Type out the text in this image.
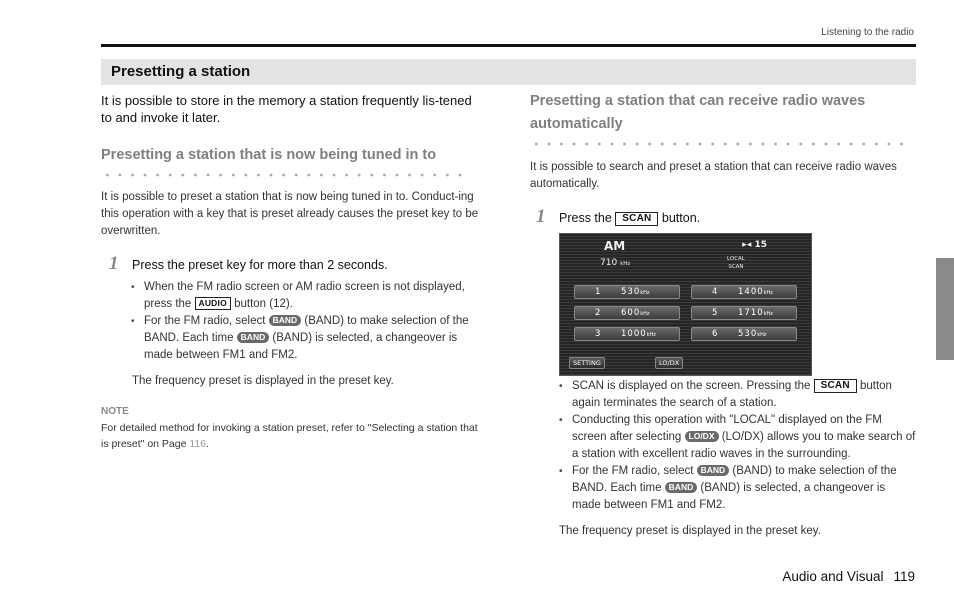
Listening to the radio
Presetting a station
It is possible to store in the memory a station frequently lis-tened to and invoke it later.
Presetting a station that is now being tuned in to
It is possible to preset a station that is now being tuned in to. Conduct-ing this operation with a key that is preset already causes the preset key to be overwritten.
1 Press the preset key for more than 2 seconds.
• When the FM radio screen or AM radio screen is not displayed, press the AUDIO button (12).
• For the FM radio, select BAND (BAND) to make selection of the BAND. Each time BAND (BAND) is selected, a changeover is made between FM1 and FM2.
The frequency preset is displayed in the preset key.
NOTE
For detailed method for invoking a station preset, refer to "Selecting a station that is preset" on Page 116.
Presetting a station that can receive radio waves automatically
It is possible to search and preset a station that can receive radio waves automatically.
1 Press the SCAN button.
AM
710 kHz
▸◂ 15
LOCAL
SCAN
1 530kHz
2 600kHz
3 1000kHz
4 1400kHz
5 1710kHz
6 530kHz
SETTING	LO/DX
• SCAN is displayed on the screen. Pressing the SCAN button again terminates the search of a station.
• Conducting this operation with "LOCAL" displayed on the FM screen after selecting LO/DX (LO/DX) allows you to make search of a station with excellent radio waves in the surrounding.
• For the FM radio, select BAND (BAND) to make selection of the BAND. Each time BAND (BAND) is selected, a changeover is made between FM1 and FM2.
The frequency preset is displayed in the preset key.
Audio and Visual 119
